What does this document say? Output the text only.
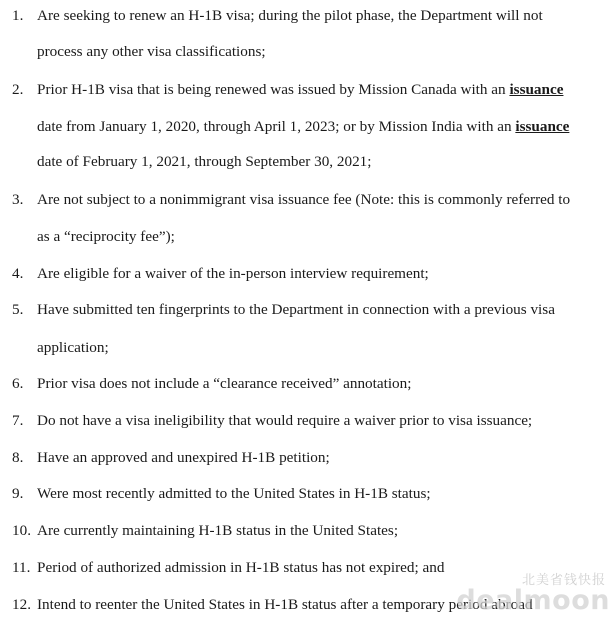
1. Are seeking to renew an H-1B visa; during the pilot phase, the Department will not
process any other visa classifications;
2. Prior H-1B visa that is being renewed was issued by Mission Canada with an issuance
date from January 1, 2020, through April 1, 2023; or by Mission India with an issuance
date of February 1, 2021, through September 30, 2021;
3. Are not subject to a nonimmigrant visa issuance fee (Note: this is commonly referred to
as a “reciprocity fee”);
4. Are eligible for a waiver of the in-person interview requirement;
5. Have submitted ten fingerprints to the Department in connection with a previous visa
application;
6. Prior visa does not include a “clearance received” annotation;
7. Do not have a visa ineligibility that would require a waiver prior to visa issuance;
8. Have an approved and unexpired H-1B petition;
9. Were most recently admitted to the United States in H-1B status;
10. Are currently maintaining H-1B status in the United States;
11. Period of authorized admission in H-1B status has not expired; and
12. Intend to reenter the United States in H-1B status after a temporary period abroad
北美省钱快报
dealmoon
